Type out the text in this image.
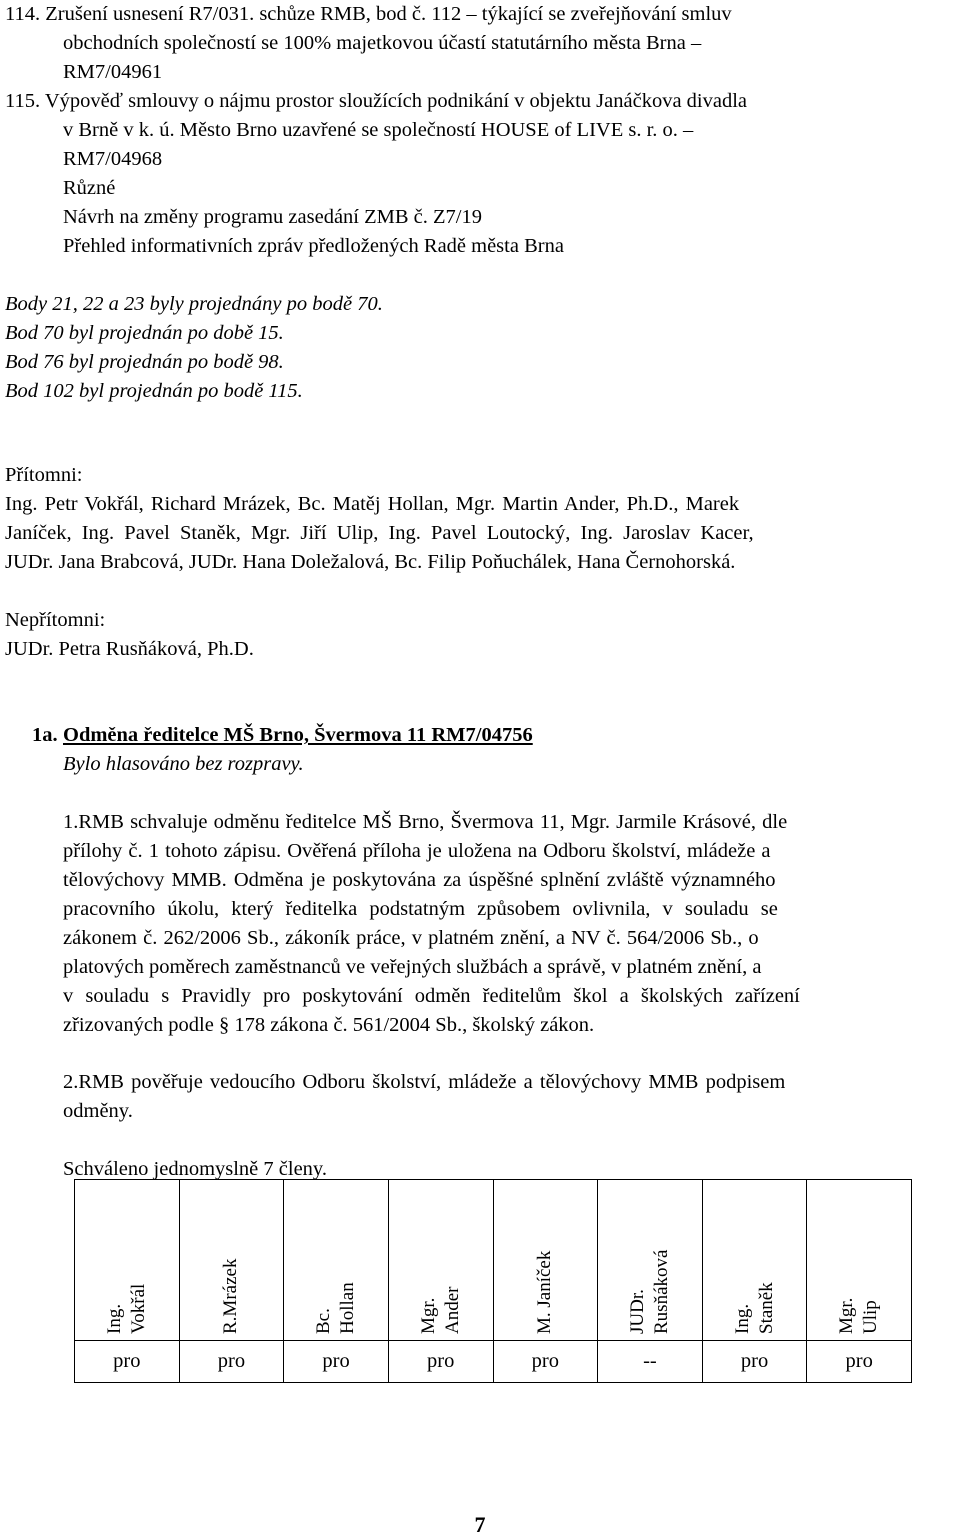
114. Zrušení usnesení R7/031. schůze RMB, bod č. 112 – týkající se zveřejňování smluv
obchodních společností se 100% majetkovou účastí statutárního města Brna –
RM7/04961
115. Výpověď smlouvy o nájmu prostor sloužících podnikání v objektu Janáčkova divadla
v Brně v k. ú. Město Brno uzavřené se společností HOUSE of LIVE s. r. o. –
RM7/04968
Různé
Návrh na změny programu zasedání ZMB č. Z7/19
Přehled informativních zpráv předložených Radě města Brna
Body 21, 22 a 23 byly projednány po bodě 70.
Bod 70 byl projednán po době 15.
Bod 76 byl projednán po bodě 98.
Bod 102 byl projednán po bodě 115.
Přítomni:
Ing. Petr Vokřál, Richard Mrázek, Bc. Matěj Hollan, Mgr. Martin Ander, Ph.D., Marek
Janíček, Ing. Pavel Staněk, Mgr. Jiří Ulip, Ing. Pavel Loutocký, Ing. Jaroslav Kacer,
JUDr. Jana Brabcová, JUDr. Hana Doležalová, Bc. Filip Poňuchálek, Hana Černohorská.
Nepřítomni:
JUDr. Petra Rusňáková, Ph.D.
1a. Odměna ředitelce MŠ Brno, Švermova 11 RM7/04756
Bylo hlasováno bez rozpravy.
1.RMB schvaluje odměnu ředitelce MŠ Brno, Švermova 11, Mgr. Jarmile Krásové, dle
přílohy č. 1 tohoto zápisu. Ověřená příloha je uložena na Odboru školství, mládeže a
tělovýchovy MMB. Odměna je poskytována za úspěšné splnění zvláště významného
pracovního úkolu, který ředitelka podstatným způsobem ovlivnila, v souladu se
zákonem č. 262/2006 Sb., zákoník práce, v platném znění, a NV č. 564/2006 Sb., o
platových poměrech zaměstnanců ve veřejných službách a správě, v platném znění, a
v souladu s Pravidly pro poskytování odměn ředitelům škol a školských zařízení
zřizovaných podle § 178 zákona č. 561/2004 Sb., školský zákon.
2.RMB pověřuje vedoucího Odboru školství, mládeže a tělovýchovy MMB podpisem
odměny.
Schváleno jednomyslně 7 členy.
Ing. Vokřál	R.Mrázek	Bc. Hollan	Mgr. Ander	M. Janíček	JUDr. Rusňáková	Ing. Staněk	Mgr. Ulip

pro	pro	pro	pro	pro	--	pro	pro
7
